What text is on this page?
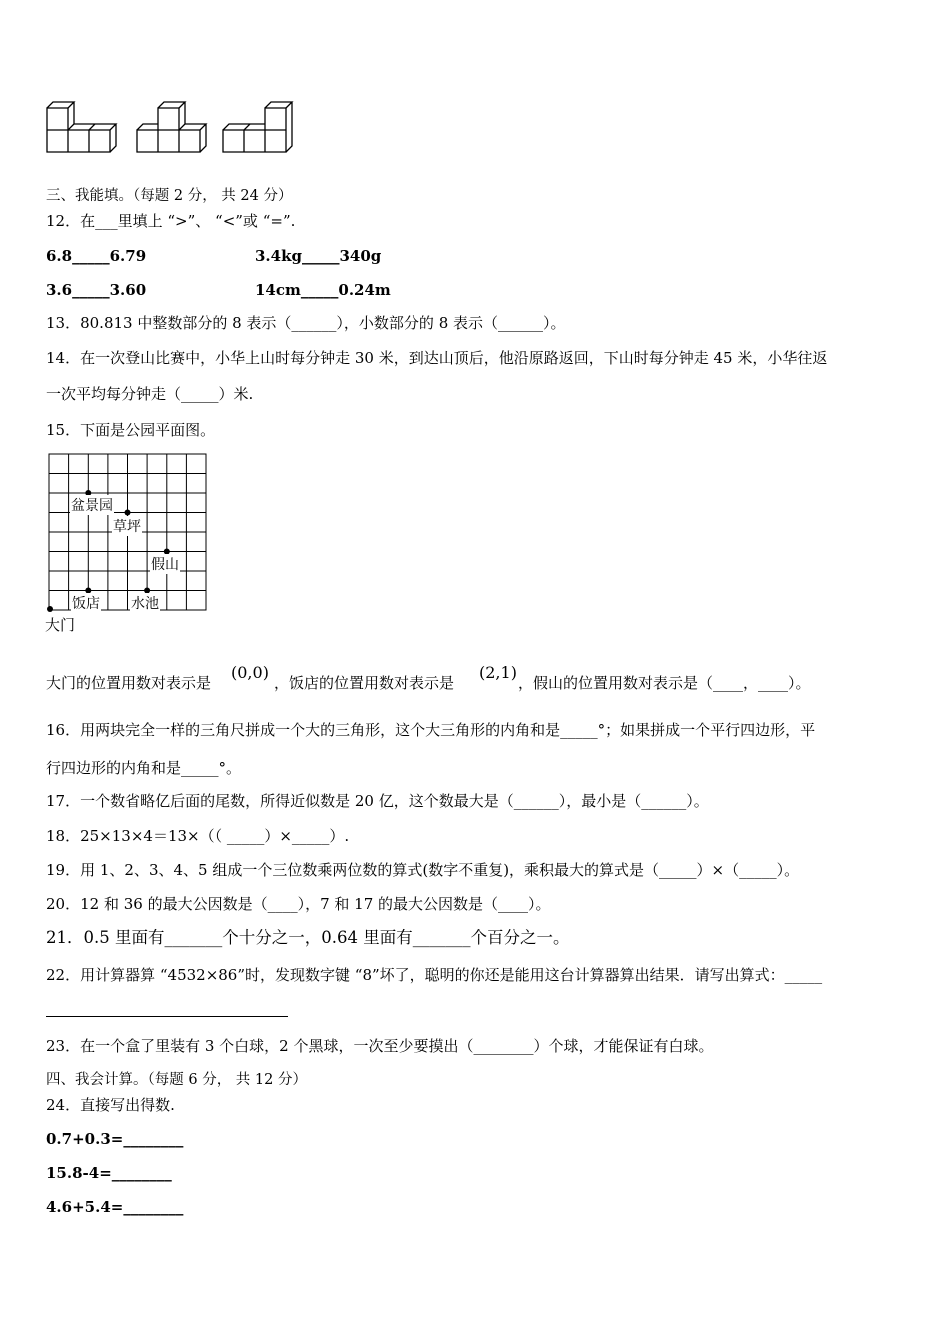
三、我能填。（每题 2 分， 共 24 分）
12．在___里填上 “>”、 “<”或 “=”.
6.8_____6.79	3.4kg_____340g
3.6_____3.60	14cm_____0.24m
13．80.813 中整数部分的 8 表示（______），小数部分的 8 表示（______）。
14．在一次登山比赛中，小华上山时每分钟走 30 米，到达山顶后，他沿原路返回，下山时每分钟走 45 米，小华往返
一次平均每分钟走（_____）米.
15．下面是公园平面图。
盆景园
草坪
假山
饭店 水池
大门
大门的位置用数对表示是
(0,0)
，饭店的位置用数对表示是
(2,1)
，假山的位置用数对表示是（____，____）。
16．用两块完全一样的三角尺拼成一个大的三角形，这个大三角形的内角和是_____°；如果拼成一个平行四边形，平
行四边形的内角和是_____°。
17．一个数省略亿后面的尾数，所得近似数是 20 亿，这个数最大是（______），最小是（______）。
18．25×13×4＝13×（（ _____）×_____）.
19．用 1、2、3、4、5 组成一个三位数乘两位数的算式(数字不重复)，乘积最大的算式是（_____）×（_____）。
20．12 和 36 的最大公因数是（____），7 和 17 的最大公因数是（____）。
21．0.5 里面有_______个十分之一，0.64 里面有_______个百分之一。
22．用计算器算 “4532×86”时，发现数字键 “8”坏了，聪明的你还是能用这台计算器算出结果．请写出算式：_____
23．在一个盒了里装有 3 个白球，2 个黑球，一次至少要摸出（________）个球，才能保证有白球。
四、我会计算。（每题 6 分， 共 12 分）
24．直接写出得数.
0.7+0.3=________
15.8-4=________
4.6+5.4=________
